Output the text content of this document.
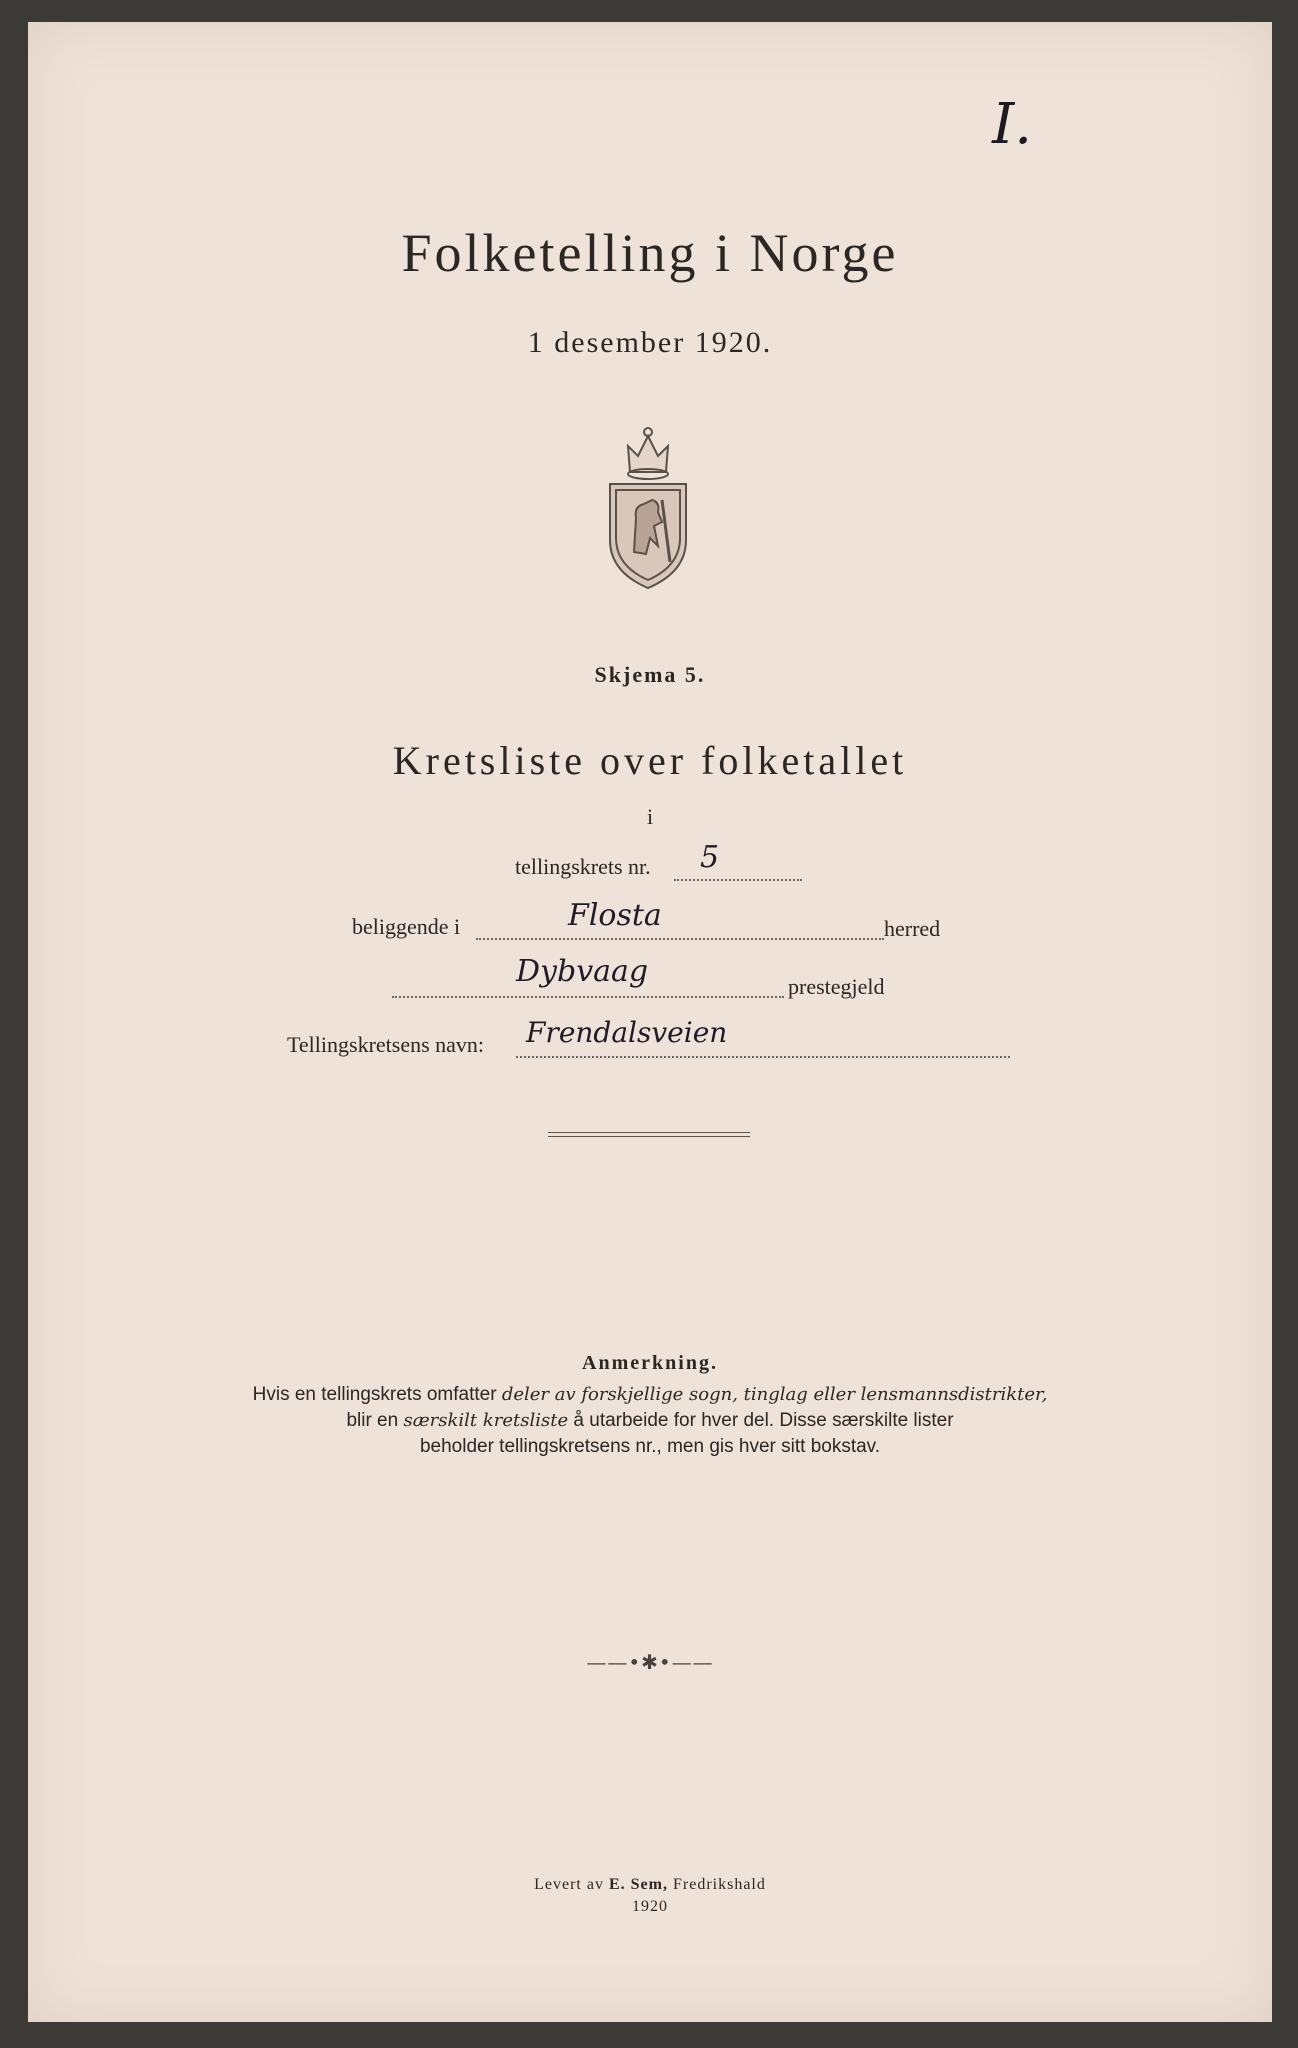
I.
Folketelling i Norge
1 desember 1920.
Skjema 5.
Kretsliste over folketallet
i
tellingskrets nr. 5
beliggende i	Flosta	herred
Dybvaag	prestegjeld
Tellingskretsens navn: Frendalsveien
Anmerkning.
Hvis en tellingskrets omfatter deler av forskjellige sogn, tinglag eller lensmannsdistrikter,
blir en særskilt kretsliste å utarbeide for hver del. Disse særskilte lister
beholder tellingskretsens nr., men gis hver sitt bokstav.
——•✱•——
Levert av E. Sem, Fredrikshald
1920
